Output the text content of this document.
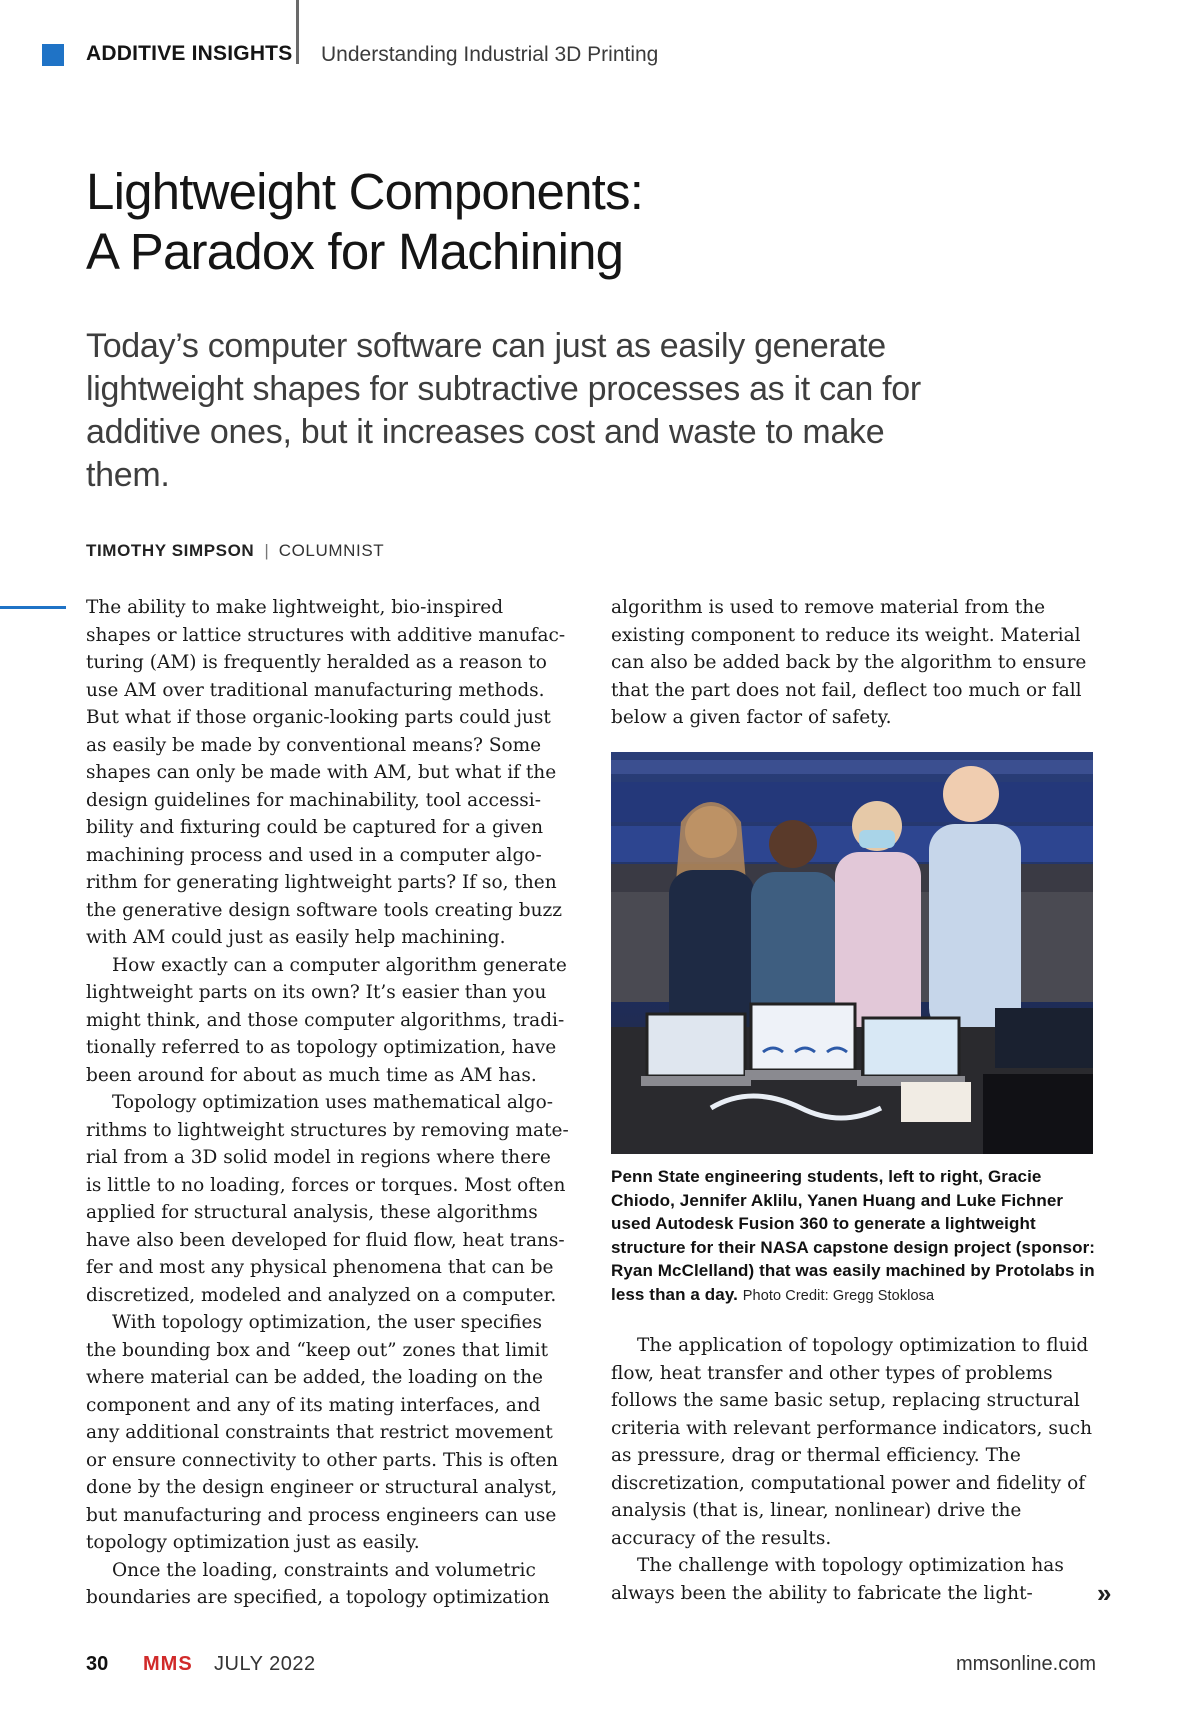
ADDITIVE INSIGHTS Understanding Industrial 3D Printing
Lightweight Components:
A Paradox for Machining

Today’s computer software can just as easily generate lightweight shapes for subtractive processes as it can for additive ones, but it increases cost and waste to make them.

TIMOTHY SIMPSON | COLUMNIST

The ability to make lightweight, bio-inspired shapes or lattice structures with additive manufacturing (AM) is frequently heralded as a reason to use AM over traditional manufacturing methods. But what if those organic-looking parts could just as easily be made by conventional means? Some shapes can only be made with AM, but what if the design guidelines for machinability, tool accessibility and fixturing could be captured for a given machining process and used in a computer algorithm for generating lightweight parts? If so, then the generative design software tools creating buzz with AM could just as easily help machining.

How exactly can a computer algorithm generate lightweight parts on its own? It’s easier than you might think, and those computer algorithms, traditionally referred to as topology optimization, have been around for about as much time as AM has.

Topology optimization uses mathematical algorithms to lightweight structures by removing material from a 3D solid model in regions where there is little to no loading, forces or torques. Most often applied for structural analysis, these algorithms have also been developed for fluid flow, heat transfer and most any physical phenomena that can be discretized, modeled and analyzed on a computer.

With topology optimization, the user specifies the bounding box and “keep out” zones that limit where material can be added, the loading on the component and any of its mating interfaces, and any additional constraints that restrict movement or ensure connectivity to other parts. This is often done by the design engineer or structural analyst, but manufacturing and process engineers can use topology optimization just as easily.

Once the loading, constraints and volumetric boundaries are specified, a topology optimization

algorithm is used to remove material from the existing component to reduce its weight. Material can also be added back by the algorithm to ensure that the part does not fail, deflect too much or fall below a given factor of safety.

Penn State engineering students, left to right, Gracie Chiodo, Jennifer Aklilu, Yanen Huang and Luke Fichner used Autodesk Fusion 360 to generate a lightweight structure for their NASA capstone design project (sponsor: Ryan McClelland) that was easily machined by Protolabs in less than a day. Photo Credit: Gregg Stoklosa

The application of topology optimization to fluid flow, heat transfer and other types of problems follows the same basic setup, replacing structural criteria with relevant performance indicators, such as pressure, drag or thermal efficiency. The discretization, computational power and fidelity of analysis (that is, linear, nonlinear) drive the accuracy of the results.

The challenge with topology optimization has always been the ability to fabricate the light-	»
30 MMS JULY 2022	mmsonline.com
